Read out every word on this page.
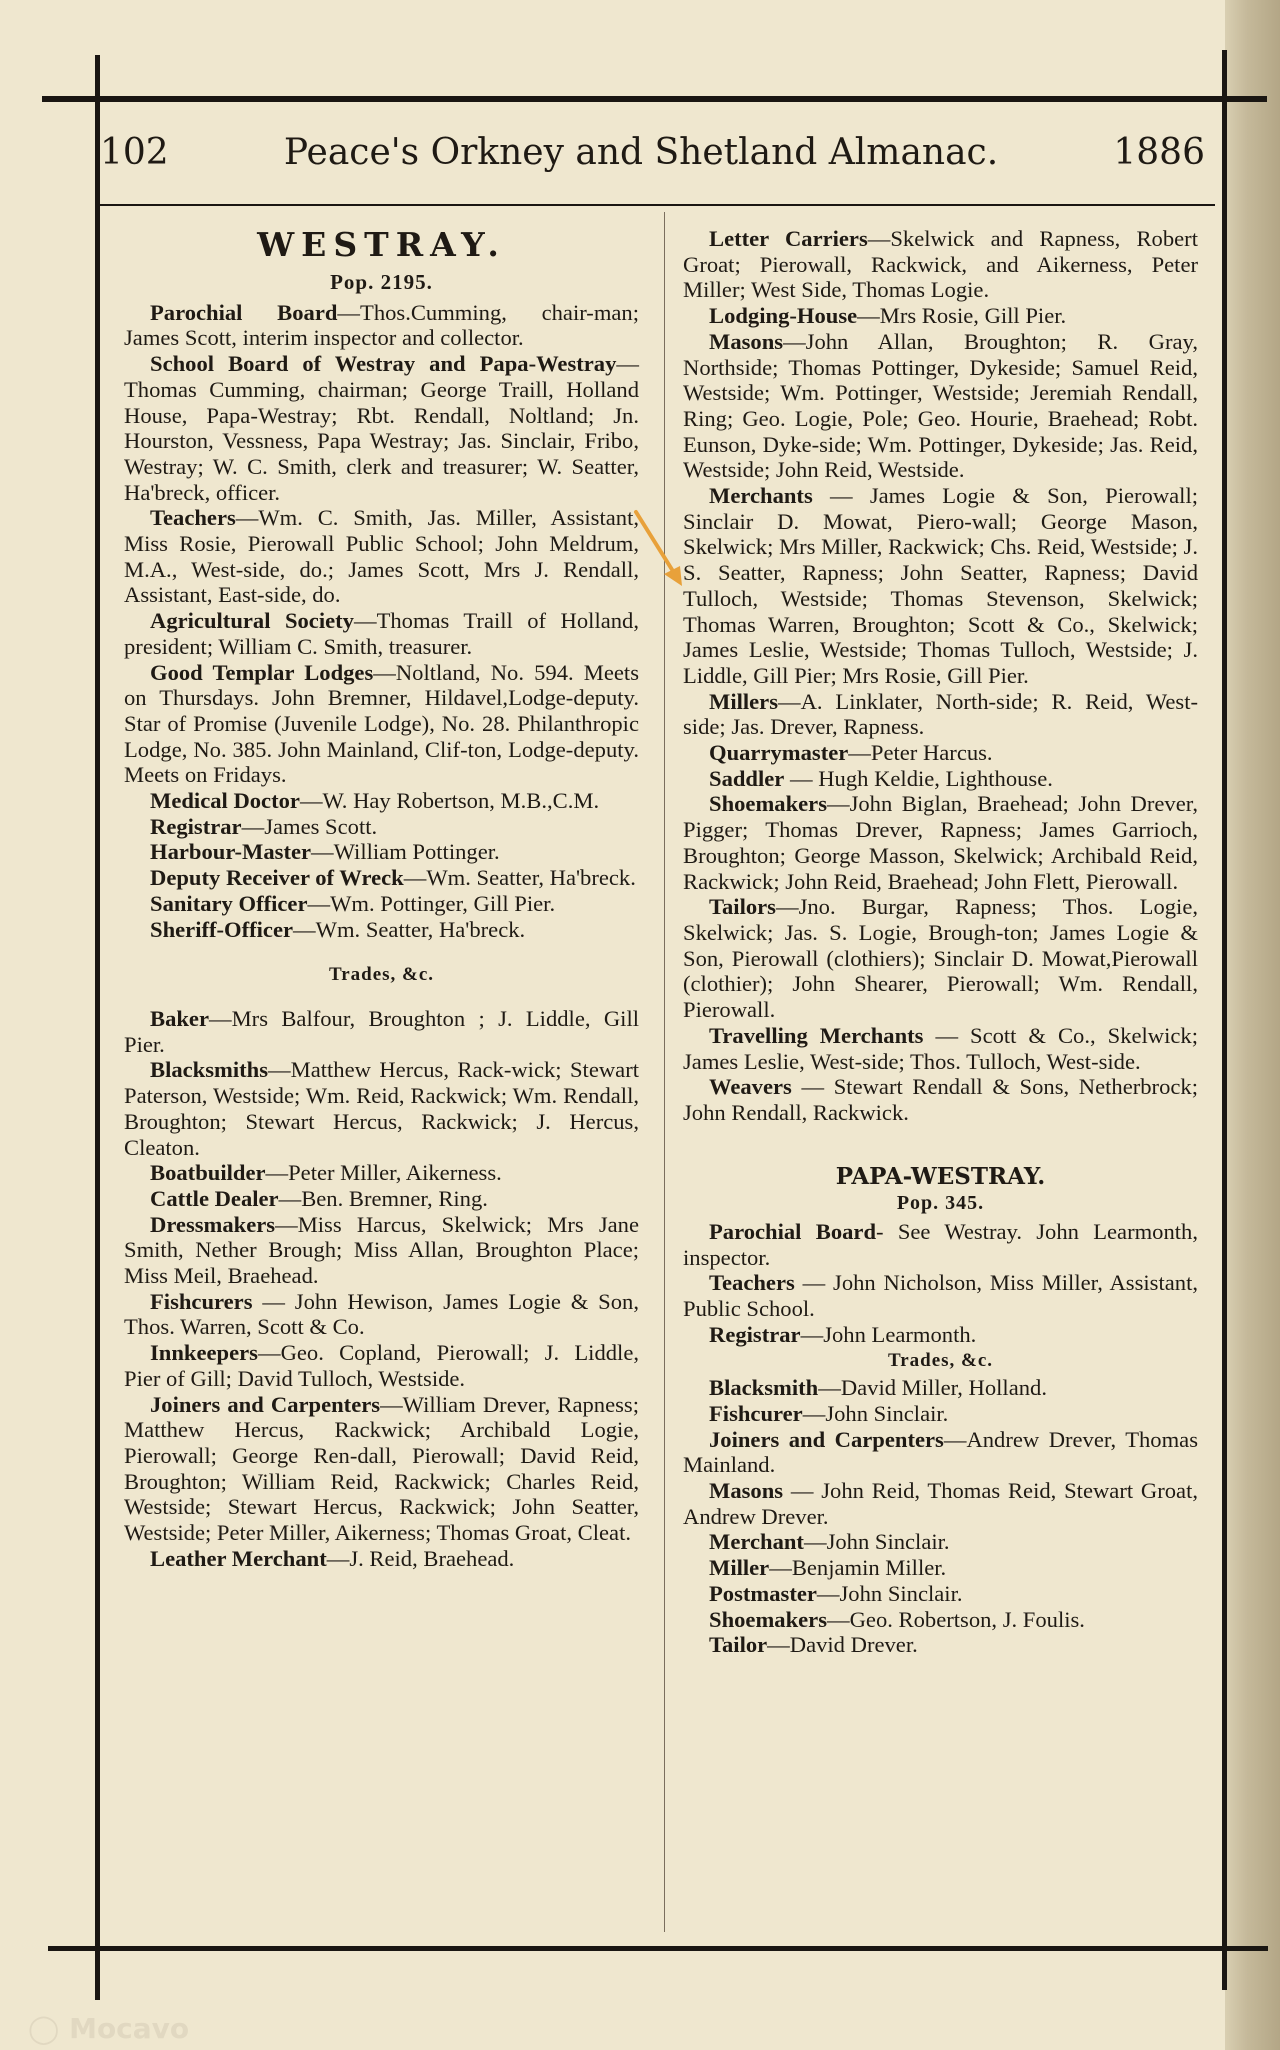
102	Peace's Orkney and Shetland Almanac.	1886
WESTRAY.
Pop. 2195.

Parochial Board—Thos.Cumming, chair-man; James Scott, interim inspector and collector.

School Board of Westray and Papa-Westray—Thomas Cumming, chairman; George Traill, Holland House, Papa-Westray; Rbt. Rendall, Noltland; Jn. Hourston, Vessness, Papa Westray; Jas. Sinclair, Fribo, Westray; W. C. Smith, clerk and treasurer; W. Seatter, Ha'breck, officer.

Teachers—Wm. C. Smith, Jas. Miller, Assistant, Miss Rosie, Pierowall Public School; John Meldrum, M.A., West-side, do.; James Scott, Mrs J. Rendall, Assistant, East-side, do.

Agricultural Society—Thomas Traill of Holland, president; William C. Smith, treasurer.

Good Templar Lodges—Noltland, No. 594. Meets on Thursdays. John Bremner, Hildavel,Lodge-deputy. Star of Promise (Juvenile Lodge), No. 28. Philanthropic Lodge, No. 385. John Mainland, Clif-ton, Lodge-deputy. Meets on Fridays.

Medical Doctor—W. Hay Robertson, M.B.,C.M.

Registrar—James Scott.

Harbour-Master—William Pottinger.

Deputy Receiver of Wreck—Wm. Seatter, Ha'breck.

Sanitary Officer—Wm. Pottinger, Gill Pier.

Sheriff-Officer—Wm. Seatter, Ha'breck.

Trades, &c.

Baker—Mrs Balfour, Broughton ; J. Liddle, Gill Pier.

Blacksmiths—Matthew Hercus, Rack-wick; Stewart Paterson, Westside; Wm. Reid, Rackwick; Wm. Rendall, Broughton; Stewart Hercus, Rackwick; J. Hercus, Cleaton.

Boatbuilder—Peter Miller, Aikerness.

Cattle Dealer—Ben. Bremner, Ring.

Dressmakers—Miss Harcus, Skelwick; Mrs Jane Smith, Nether Brough; Miss Allan, Broughton Place; Miss Meil, Braehead.

Fishcurers — John Hewison, James Logie & Son, Thos. Warren, Scott & Co.

Innkeepers—Geo. Copland, Pierowall; J. Liddle, Pier of Gill; David Tulloch, Westside.

Joiners and Carpenters—William Drever, Rapness; Matthew Hercus, Rackwick; Archibald Logie, Pierowall; George Ren-dall, Pierowall; David Reid, Broughton; William Reid, Rackwick; Charles Reid, Westside; Stewart Hercus, Rackwick; John Seatter, Westside; Peter Miller, Aikerness; Thomas Groat, Cleat.

Leather Merchant—J. Reid, Braehead.

Letter Carriers—Skelwick and Rapness, Robert Groat; Pierowall, Rackwick, and Aikerness, Peter Miller; West Side, Thomas Logie.

Lodging-House—Mrs Rosie, Gill Pier.

Masons—John Allan, Broughton; R. Gray, Northside; Thomas Pottinger, Dykeside; Samuel Reid, Westside; Wm. Pottinger, Westside; Jeremiah Rendall, Ring; Geo. Logie, Pole; Geo. Hourie, Braehead; Robt. Eunson, Dyke-side; Wm. Pottinger, Dykeside; Jas. Reid, Westside; John Reid, Westside.

Merchants — James Logie & Son, Pierowall; Sinclair D. Mowat, Piero-wall; George Mason, Skelwick; Mrs Miller, Rackwick; Chs. Reid, Westside; J. S. Seatter, Rapness; John Seatter, Rapness; David Tulloch, Westside; Thomas Stevenson, Skelwick; Thomas Warren, Broughton; Scott & Co., Skelwick; James Leslie, Westside; Thomas Tulloch, Westside; J. Liddle, Gill Pier; Mrs Rosie, Gill Pier.

Millers—A. Linklater, North-side; R. Reid, West-side; Jas. Drever, Rapness.

Quarrymaster—Peter Harcus.

Saddler — Hugh Keldie, Lighthouse.

Shoemakers—John Biglan, Braehead; John Drever, Pigger; Thomas Drever, Rapness; James Garrioch, Broughton; George Masson, Skelwick; Archibald Reid, Rackwick; John Reid, Braehead; John Flett, Pierowall.

Tailors—Jno. Burgar, Rapness; Thos. Logie, Skelwick; Jas. S. Logie, Brough-ton; James Logie & Son, Pierowall (clothiers); Sinclair D. Mowat,Pierowall (clothier); John Shearer, Pierowall; Wm. Rendall, Pierowall.

Travelling Merchants — Scott & Co., Skelwick; James Leslie, West-side; Thos. Tulloch, West-side.

Weavers — Stewart Rendall & Sons, Netherbrock; John Rendall, Rackwick.

PAPA-WESTRAY.
Pop. 345.

Parochial Board- See Westray. John Learmonth, inspector.

Teachers — John Nicholson, Miss Miller, Assistant, Public School.

Registrar—John Learmonth.

Trades, &c.

Blacksmith—David Miller, Holland.

Fishcurer—John Sinclair.

Joiners and Carpenters—Andrew Drever, Thomas Mainland.

Masons — John Reid, Thomas Reid, Stewart Groat, Andrew Drever.

Merchant—John Sinclair.

Miller—Benjamin Miller.

Postmaster—John Sinclair.

Shoemakers—Geo. Robertson, J. Foulis.

Tailor—David Drever.

◯ Mocavo
